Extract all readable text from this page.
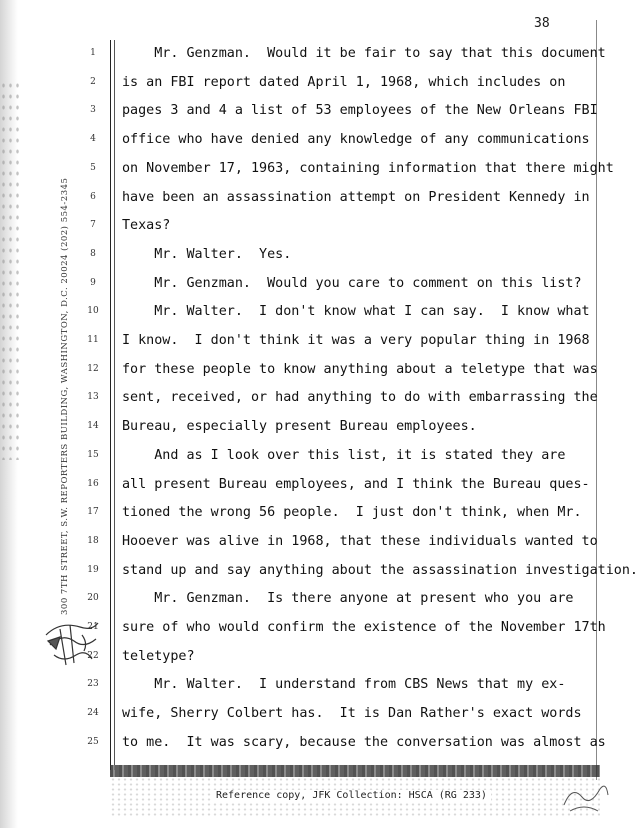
38
300 7TH STREET, S.W. REPORTERS BUILDING, WASHINGTON, D.C. 20024 (202) 554-2345
1
2
3
4
5
6
7
8
9
10
11
12
13
14
15
16
17
18
19
20
21
22
23
24
25
Mr. Genzman.  Would it be fair to say that this document
is an FBI report dated April 1, 1968, which includes on
pages 3 and 4 a list of 53 employees of the New Orleans FBI
office who have denied any knowledge of any communications
on November 17, 1963, containing information that there might
have been an assassination attempt on President Kennedy in
Texas?
Mr. Walter.  Yes.
Mr. Genzman.  Would you care to comment on this list?
Mr. Walter.  I don't know what I can say.  I know what
I know.  I don't think it was a very popular thing in 1968
for these people to know anything about a teletype that was
sent, received, or had anything to do with embarrassing the
Bureau, especially present Bureau employees.
And as I look over this list, it is stated they are
all present Bureau employees, and I think the Bureau ques-
tioned the wrong 56 people.  I just don't think, when Mr.
Hooever was alive in 1968, that these individuals wanted to
stand up and say anything about the assassination investigation.
Mr. Genzman.  Is there anyone at present who you are
sure of who would confirm the existence of the November 17th
teletype?
Mr. Walter.  I understand from CBS News that my ex-
wife, Sherry Colbert has.  It is Dan Rather's exact words
to me.  It was scary, because the conversation was almost as
Reference copy, JFK Collection: HSCA (RG 233)
